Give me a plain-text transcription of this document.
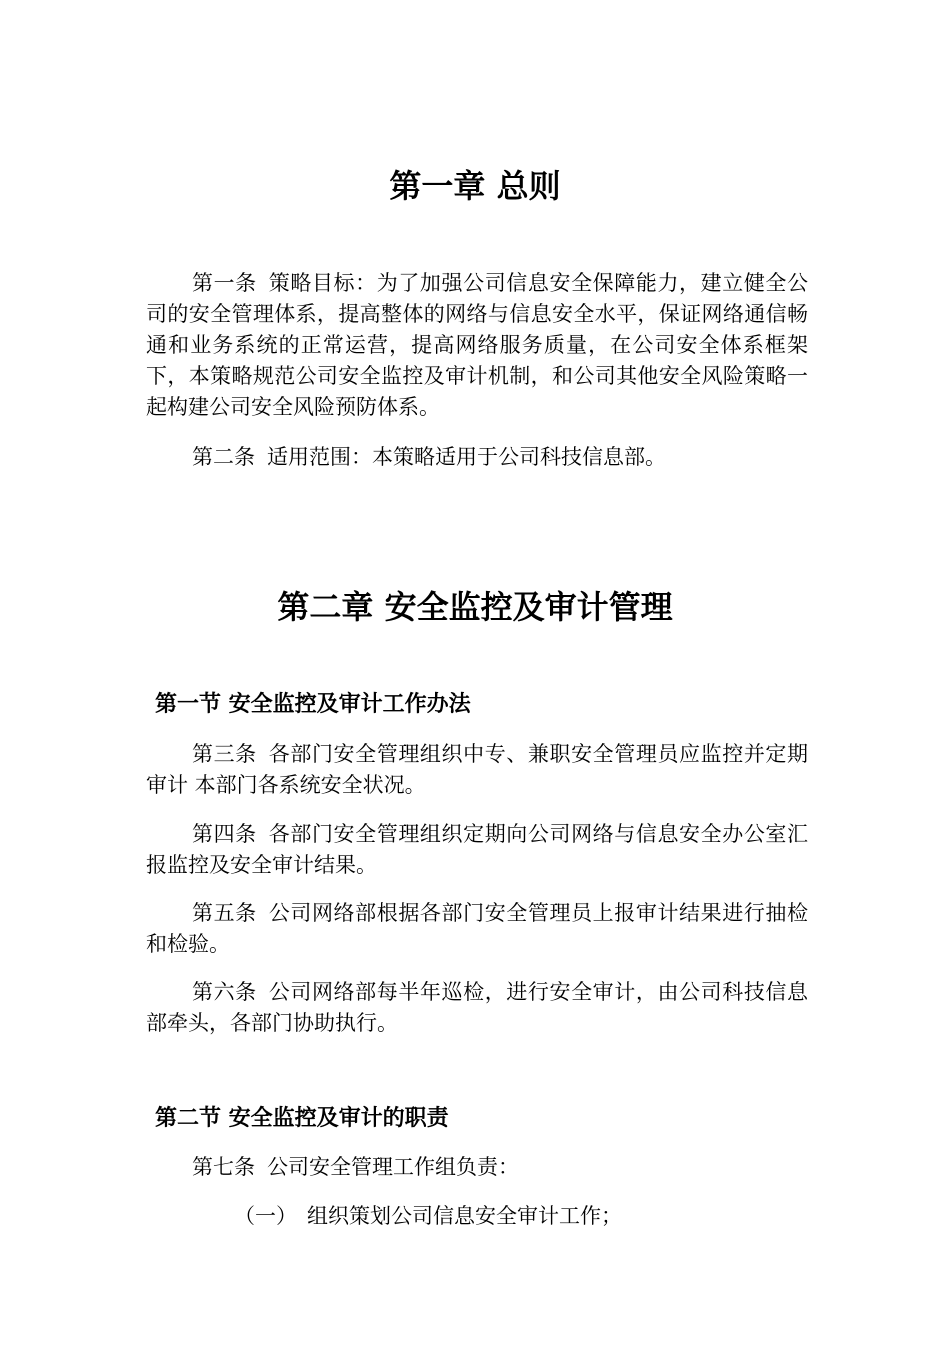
第一章 总则

第一条 策略目标：为了加强公司信息安全保障能力，建立健全公司的安全管理体系，提高整体的网络与信息安全水平，保证网络通信畅通和业务系统的正常运营，提高网络服务质量，在公司安全体系框架下，本策略规范公司安全监控及审计机制，和公司其他安全风险策略一起构建公司安全风险预防体系。

第二条 适用范围：本策略适用于公司科技信息部。

第二章 安全监控及审计管理
第一节 安全监控及审计工作办法

第三条 各部门安全管理组织中专、兼职安全管理员应监控并定期审计 本部门各系统安全状况。

第四条 各部门安全管理组织定期向公司网络与信息安全办公室汇报监控及安全审计结果。

第五条 公司网络部根据各部门安全管理员上报审计结果进行抽检和检验。

第六条 公司网络部每半年巡检，进行安全审计，由公司科技信息部牵头，各部门协助执行。

第二节 安全监控及审计的职责

第七条 公司安全管理工作组负责：

（一） 组织策划公司信息安全审计工作；
